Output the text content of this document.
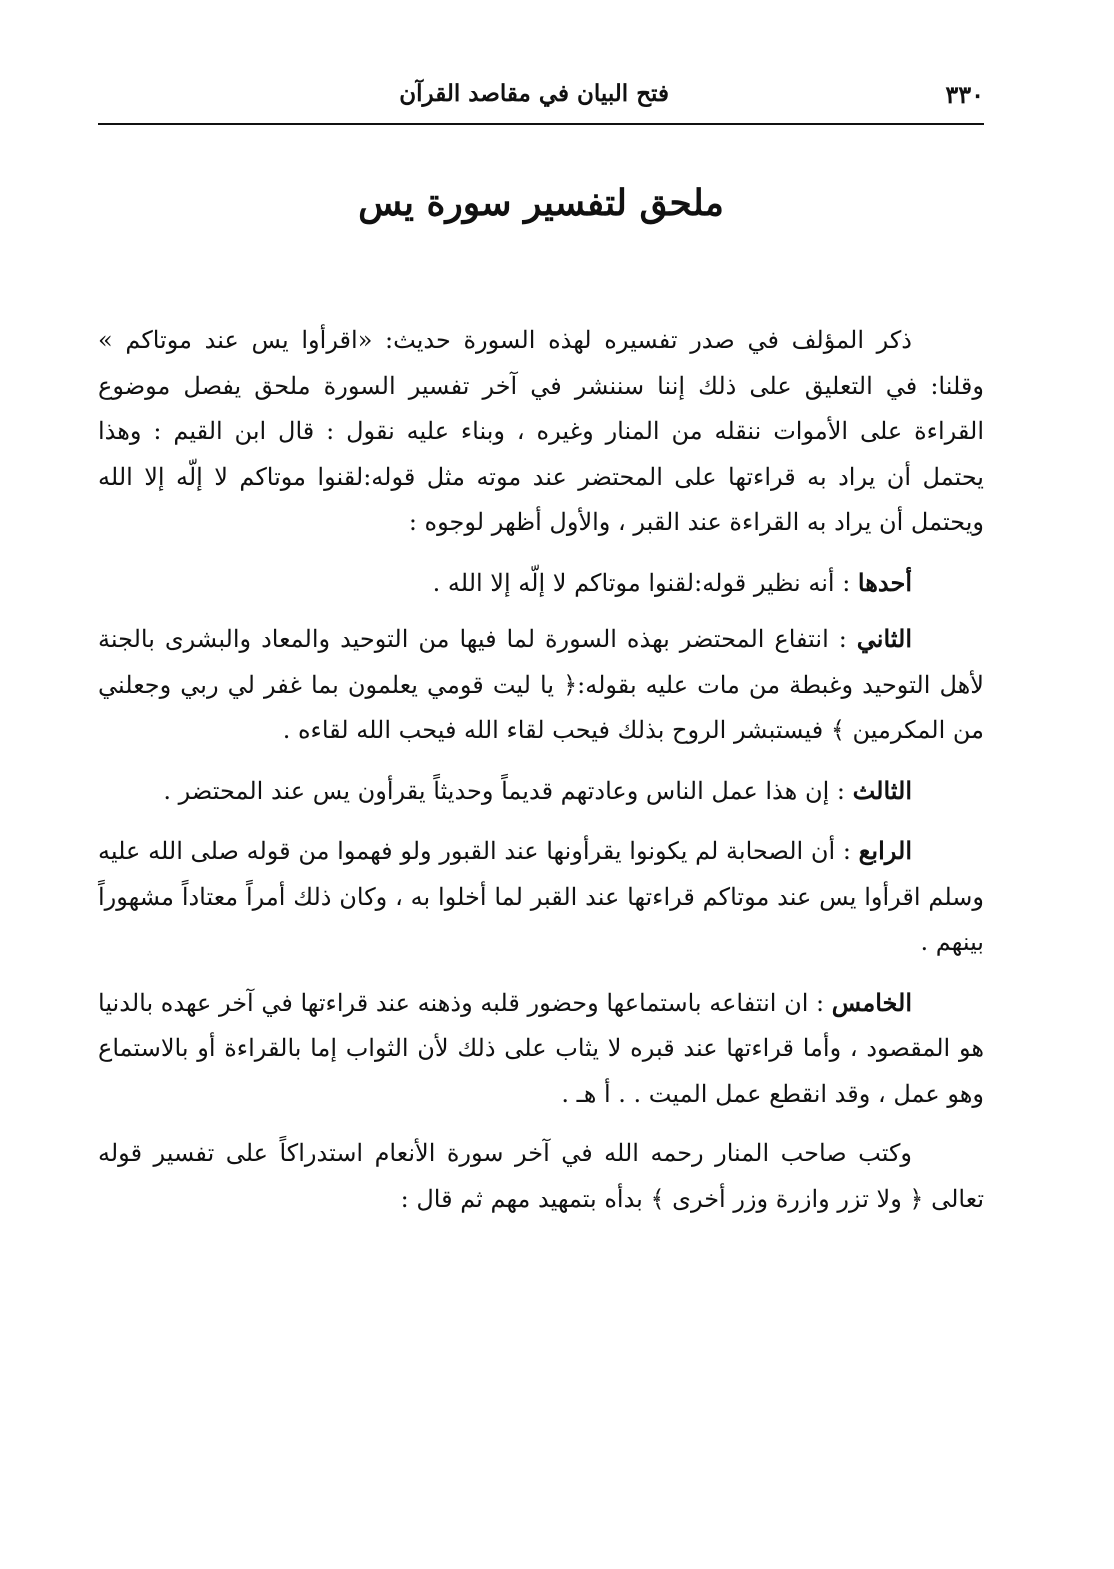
٣٣٠
فتح البيان في مقاصد القرآن
ملحق لتفسير سورة يس

ذكر المؤلف في صدر تفسيره لهذه السورة حديث: «اقرأوا يس عند موتاكم » وقلنا: في التعليق على ذلك إننا سننشر في آخر تفسير السورة ملحق يفصل موضوع القراءة على الأموات ننقله من المنار وغيره ، وبناء عليه نقول : قال ابن القيم : وهذا يحتمل أن يراد به قراءتها على المحتضر عند موته مثل قوله:لقنوا موتاكم لا إلّه إلا الله ويحتمل أن يراد به القراءة عند القبر ، والأول أظهر لوجوه :

أحدها : أنه نظير قوله:لقنوا موتاكم لا إلّه إلا الله .

الثاني : انتفاع المحتضر بهذه السورة لما فيها من التوحيد والمعاد والبشرى بالجنة لأهل التوحيد وغبطة من مات عليه بقوله:﴿ يا ليت قومي يعلمون بما غفر لي ربي وجعلني من المكرمين ﴾ فيستبشر الروح بذلك فيحب لقاء الله فيحب الله لقاءه .

الثالث : إن هذا عمل الناس وعادتهم قديماً وحديثاً يقرأون يس عند المحتضر .

الرابع : أن الصحابة لم يكونوا يقرأونها عند القبور ولو فهموا من قوله صلى الله عليه وسلم اقرأوا يس عند موتاكم قراءتها عند القبر لما أخلوا به ، وكان ذلك أمراً معتاداً مشهوراً بينهم .

الخامس : ان انتفاعه باستماعها وحضور قلبه وذهنه عند قراءتها في آخر عهده بالدنيا هو المقصود ، وأما قراءتها عند قبره لا يثاب على ذلك لأن الثواب إما بالقراءة أو بالاستماع وهو عمل ، وقد انقطع عمل الميت . . أ هـ .

وكتب صاحب المنار رحمه الله في آخر سورة الأنعام استدراكاً على تفسير قوله تعالى ﴿ ولا تزر وازرة وزر أخرى ﴾ بدأه بتمهيد مهم ثم قال :
